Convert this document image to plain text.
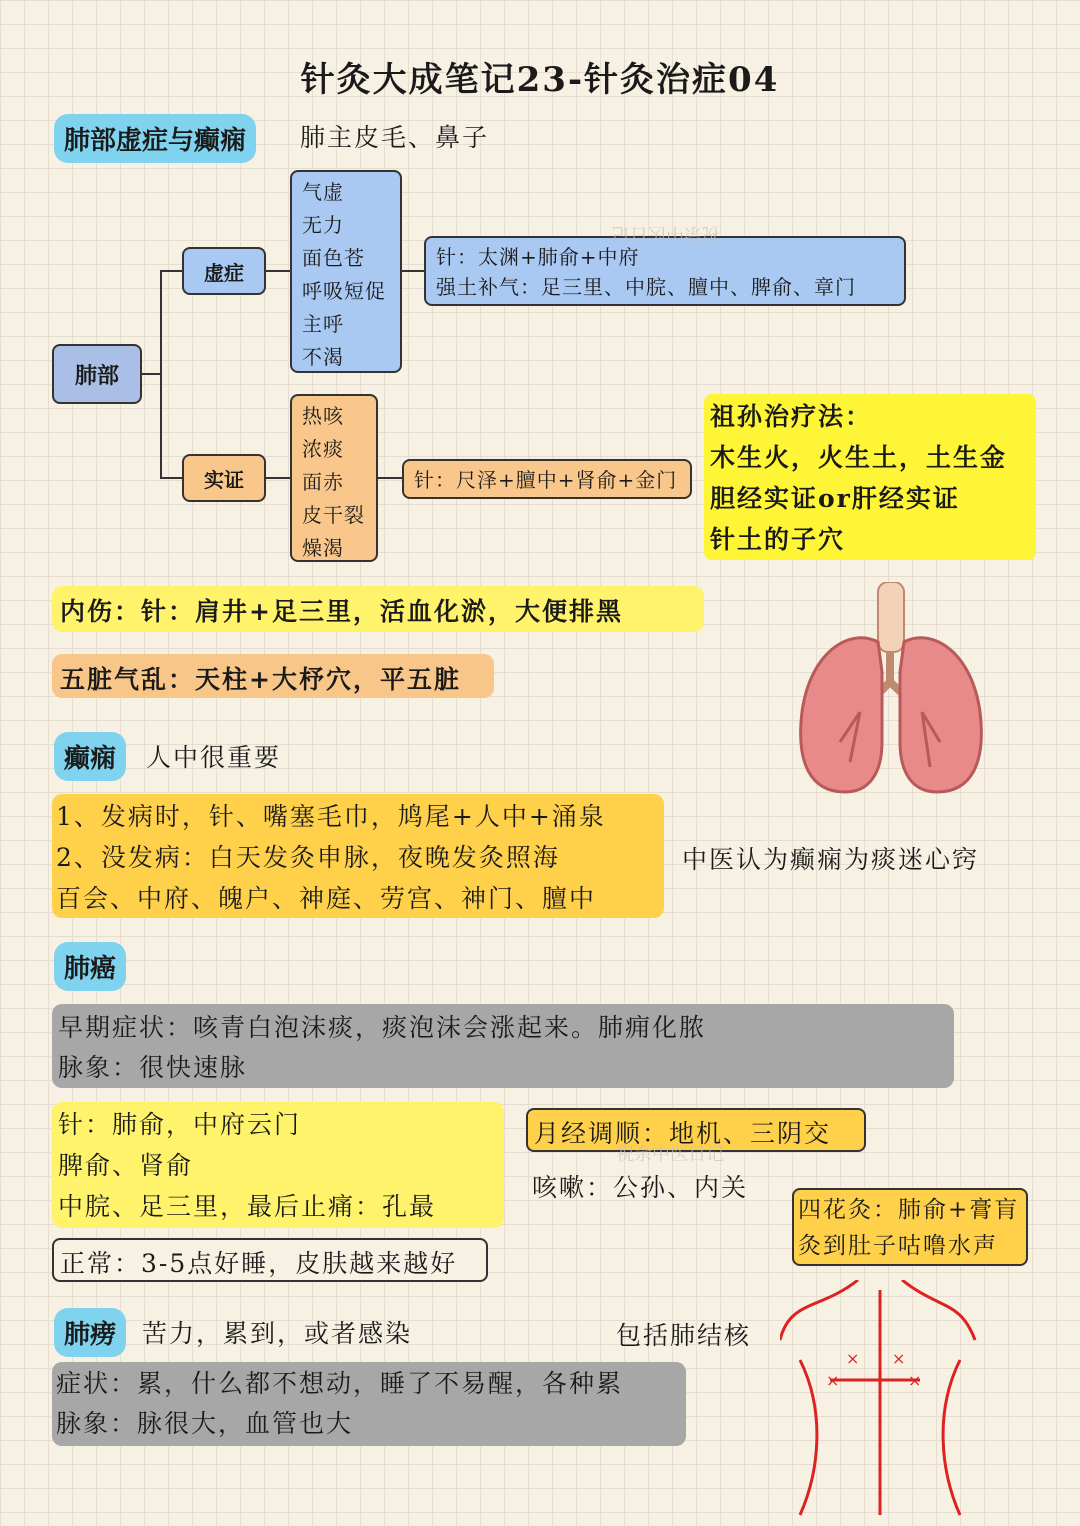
针灸大成笔记23-针灸治症04
肺部虚症与癫痫	肺主皮毛、鼻子
肺部
虚症
气虚
无力
面色苍
呼吸短促
主呼
不渴
针：太渊+肺俞+中府
强土补气：足三里、中脘、膻中、脾俞、章门
实证
热咳
浓痰
面赤
皮干裂
燥渴
针：尺泽+膻中+肾俞+金门
祖孙治疗法：
木生火，火生土，土生金
胆经实证or肝经实证
针土的子穴
内伤：针：肩井+足三里，活血化淤，大便排黑
五脏气乱：天柱+大杼穴，平五脏
癫痫	人中很重要
1、发病时，针、嘴塞毛巾，鸠尾+人中+涌泉
2、没发病：白天发灸申脉，夜晚发灸照海
百会、中府、魄户、神庭、劳宫、神门、膻中
中医认为癫痫为痰迷心窍
肺癌
早期症状：咳青白泡沫痰，痰泡沫会涨起来。肺痈化脓
脉象：很快速脉
针：肺俞，中府云门
脾俞、肾俞
中脘、足三里，最后止痛：孔最
正常：3-5点好睡，皮肤越来越好
月经调顺：地机、三阴交
咳嗽：公孙、内关
四花灸：肺俞+膏肓
灸到肚子咕噜水声
肺痨	苦力，累到，或者感染	包括肺结核
症状：累，什么都不想动，睡了不易醒，各种累
脉象：脉很大，血管也大
× ×
×	×
祝余中医日记
祝余中医日记
